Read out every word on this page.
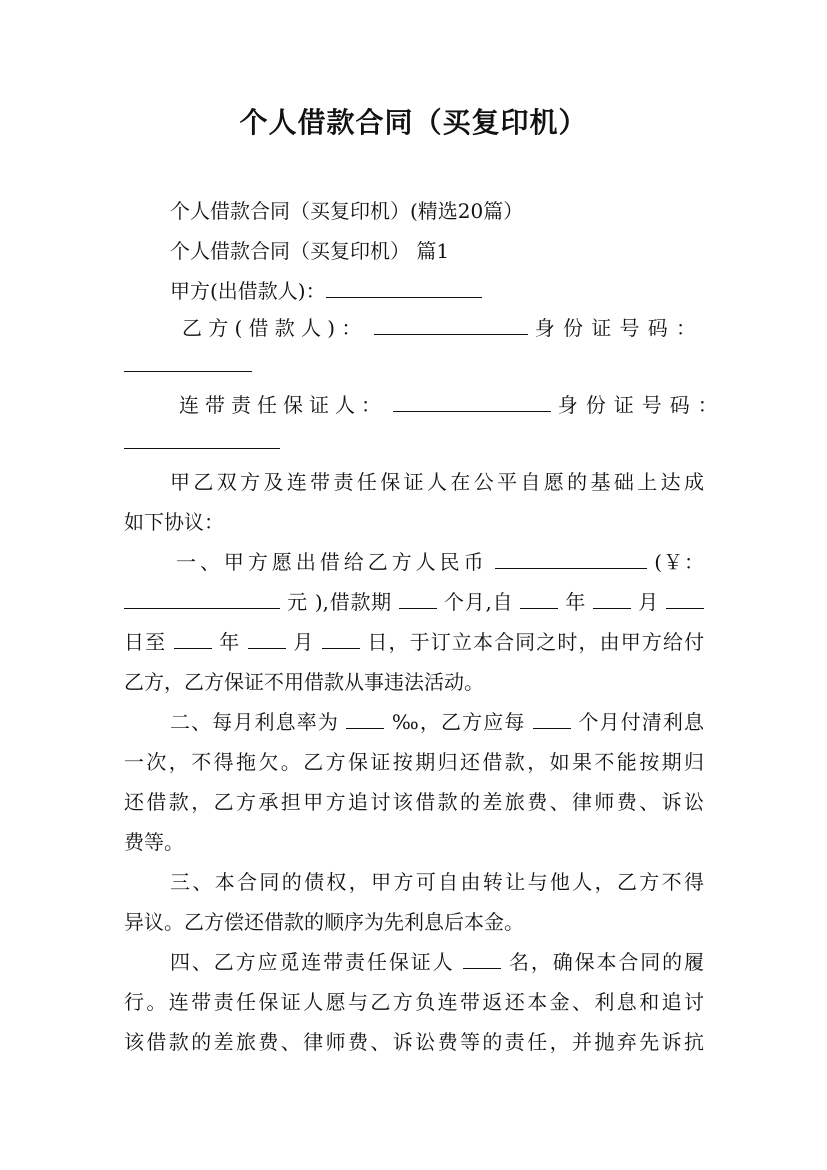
个人借款合同（买复印机）
个人借款合同（买复印机）(精选20篇）
个人借款合同（买复印机） 篇1
甲方(出借款人)：
乙方(借款人)：	身份证号码：
连带责任保证人：	身份证号码：
甲乙双方及连带责任保证人在公平自愿的基础上达成
如下协议：
一、甲方愿出借给乙方人民币	(￥：
元 ),借款期	个月,自	年	月
日至	年	月	日，于订立本合同之时，由甲方给付
乙方，乙方保证不用借款从事违法活动。
二、每月利息率为	‰，乙方应每	个月付清利息
一次，不得拖欠。乙方保证按期归还借款，如果不能按期归
还借款，乙方承担甲方追讨该借款的差旅费、律师费、诉讼
费等。
三、本合同的债权，甲方可自由转让与他人，乙方不得
异议。乙方偿还借款的顺序为先利息后本金。
四、乙方应觅连带责任保证人	名，确保本合同的履
行。连带责任保证人愿与乙方负连带返还本金、利息和追讨
该借款的差旅费、律师费、诉讼费等的责任，并抛弃先诉抗
